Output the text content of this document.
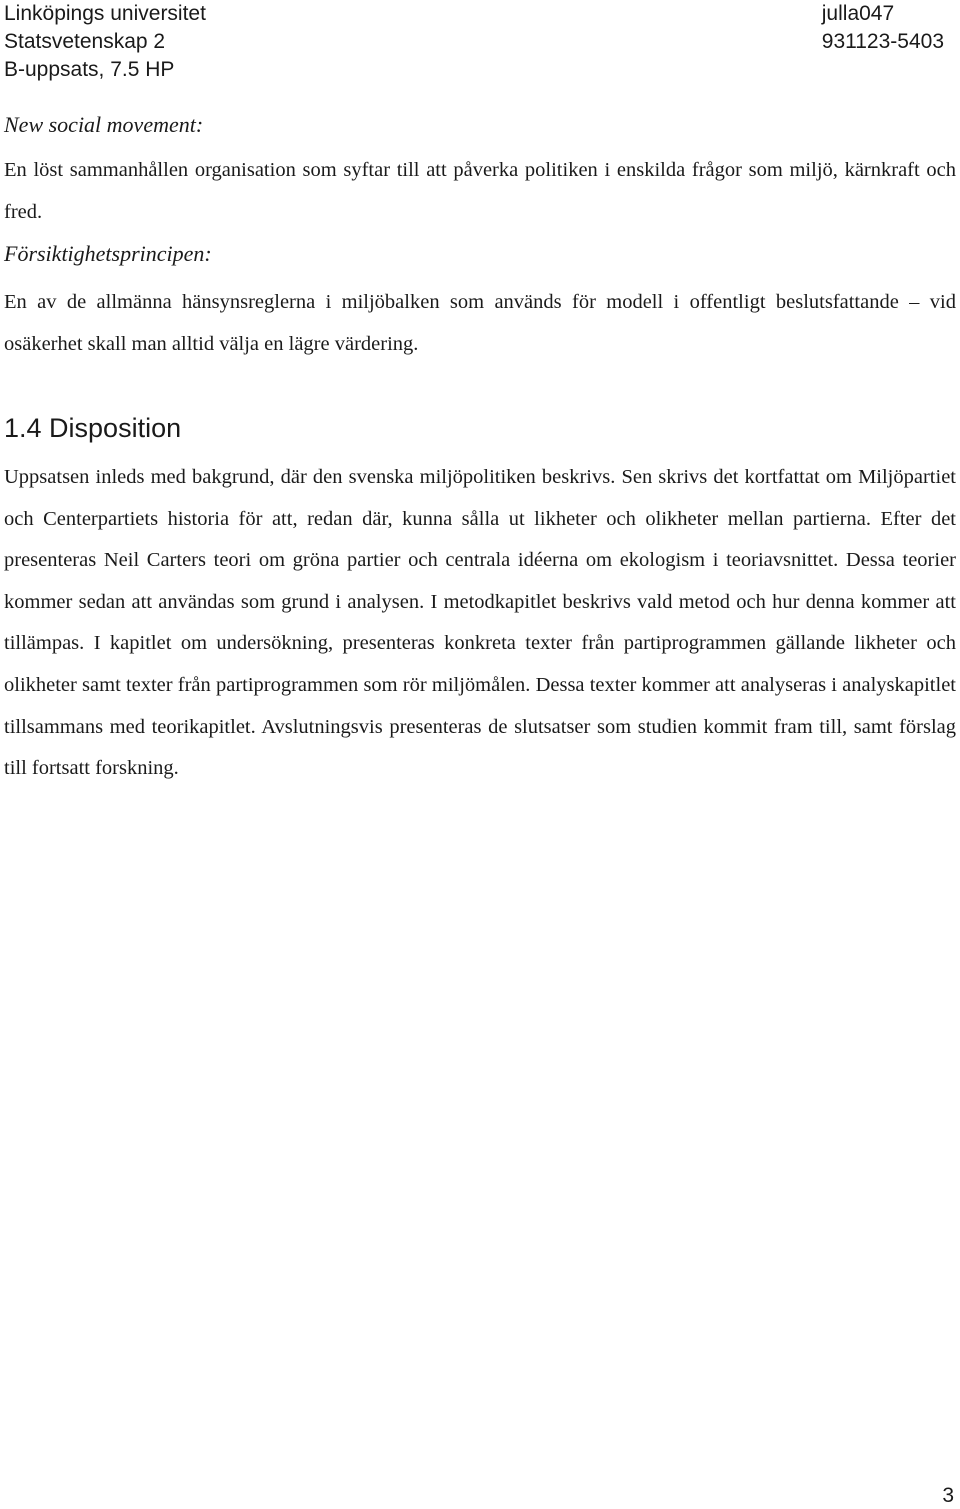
Linköpings universitet
Statsvetenskap 2
B-uppsats, 7.5 HP
julla047
931123-5403
New social movement:
En löst sammanhållen organisation som syftar till att påverka politiken i enskilda frågor som miljö, kärnkraft och fred.
Försiktighetsprincipen:
En av de allmänna hänsynsreglerna i miljöbalken som används för modell i offentligt beslutsfattande – vid osäkerhet skall man alltid välja en lägre värdering.
1.4 Disposition
Uppsatsen inleds med bakgrund, där den svenska miljöpolitiken beskrivs. Sen skrivs det kortfattat om Miljöpartiet och Centerpartiets historia för att, redan där, kunna sålla ut likheter och olikheter mellan partierna. Efter det presenteras Neil Carters teori om gröna partier och centrala idéerna om ekologism i teoriavsnittet. Dessa teorier kommer sedan att användas som grund i analysen. I metodkapitlet beskrivs vald metod och hur denna kommer att tillämpas. I kapitlet om undersökning, presenteras konkreta texter från partiprogrammen gällande likheter och olikheter samt texter från partiprogrammen som rör miljömålen. Dessa texter kommer att analyseras i analyskapitlet tillsammans med teorikapitlet. Avslutningsvis presenteras de slutsatser som studien kommit fram till, samt förslag till fortsatt forskning.
3
